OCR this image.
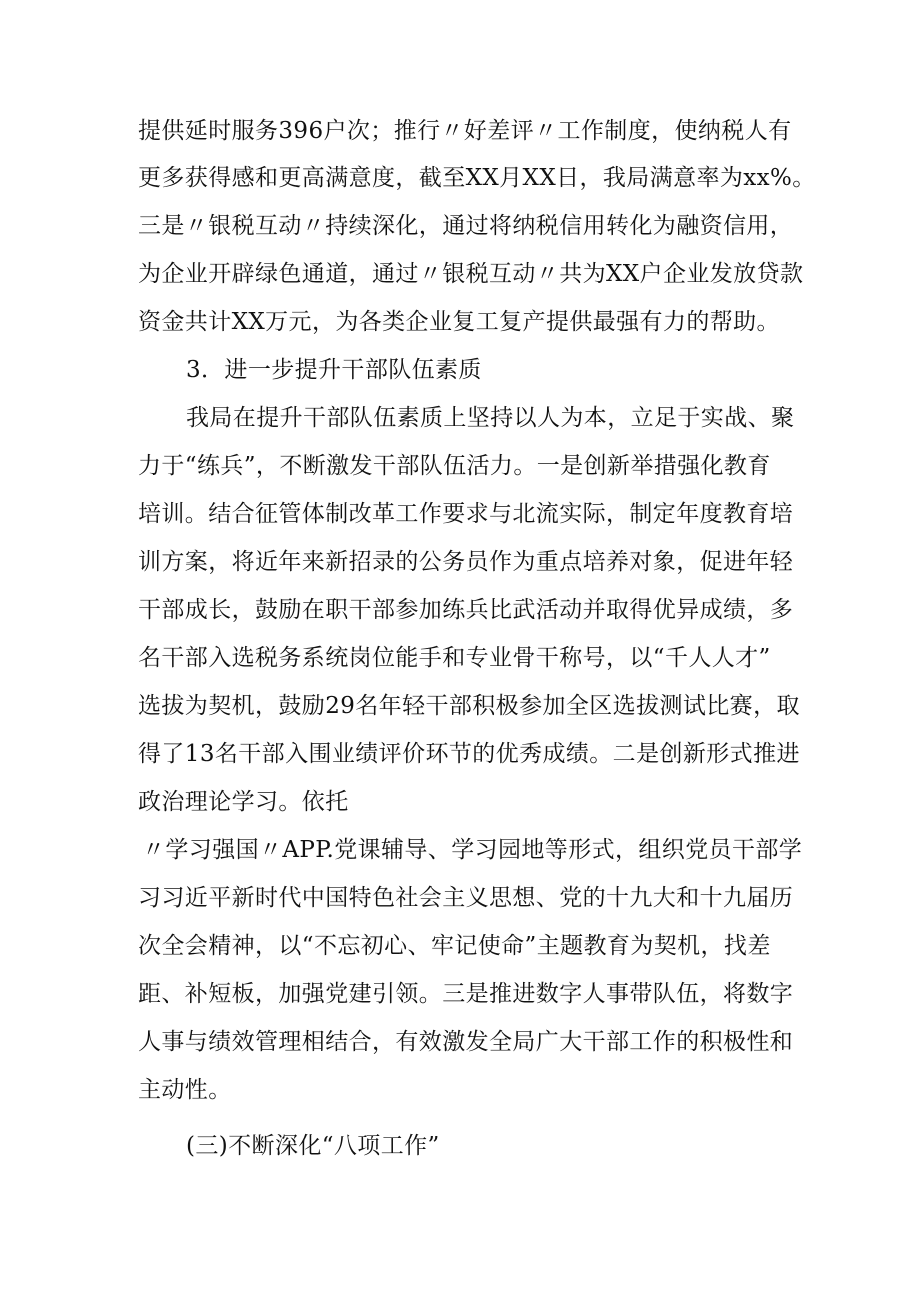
提供延时服务396户次；推行〃好差评〃工作制度，使纳税人有
更多获得感和更高满意度，截至XX月XX日，我局满意率为xx%。
三是〃银税互动〃持续深化，通过将纳税信用转化为融资信用，
为企业开辟绿色通道，通过〃银税互动〃共为XX户企业发放贷款
资金共计XX万元，为各类企业复工复产提供最强有力的帮助。
3．进一步提升干部队伍素质
我局在提升干部队伍素质上坚持以人为本，立足于实战、聚
力于“练兵”，不断激发干部队伍活力。一是创新举措强化教育
培训。结合征管体制改革工作要求与北流实际，制定年度教育培
训方案，将近年来新招录的公务员作为重点培养对象，促进年轻
干部成长，鼓励在职干部参加练兵比武活动并取得优异成绩，多
名干部入选税务系统岗位能手和专业骨干称号，以“千人人才”
选拔为契机，鼓励29名年轻干部积极参加全区选拔测试比赛，取
得了13名干部入围业绩评价环节的优秀成绩。二是创新形式推进
政治理论学习。依托
〃学习强国〃APP.党课辅导、学习园地等形式，组织党员干部学
习习近平新时代中国特色社会主义思想、党的十九大和十九届历
次全会精神，以“不忘初心、牢记使命”主题教育为契机，找差
距、补短板，加强党建引领。三是推进数字人事带队伍，将数字
人事与绩效管理相结合，有效激发全局广大干部工作的积极性和
主动性。
(三)不断深化“八项工作”
